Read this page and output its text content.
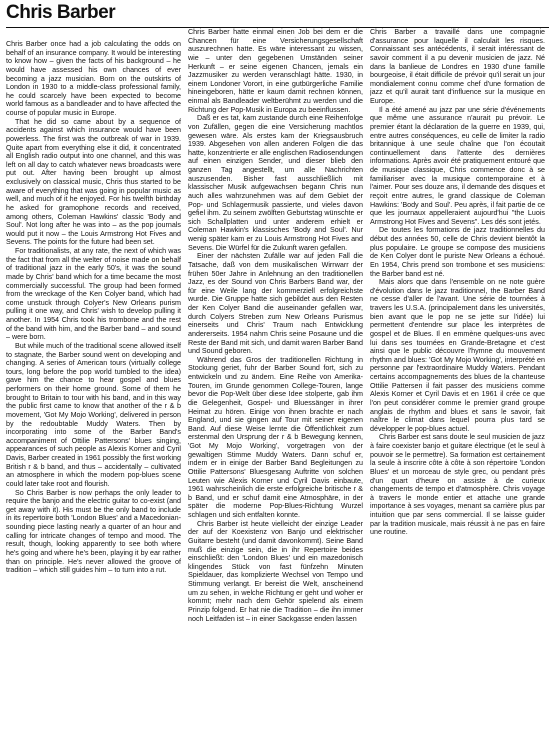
Chris Barber

Chris Barber once had a job calculating the odds on behalf of an insurance company. It would be interesting to know how – given the facts of his background – he would have assessed his own chances of ever becoming a jazz musician. Born on the outskirts of London in 1930 to a middle-class professional family, he could scarcely have been expected to become world famous as a bandleader and to have affected the course of popular music in Europe.

That he did so came about by a sequence of accidents against which insurance would have been powerless. The first was the outbreak of war in 1939. Quite apart from everything else it did, it concentrated all English radio output into one channel, and this was left on all day to catch whatever news broadcasts were put out. After having been brought up almost exclusively on classical music, Chris thus started to be aware of everything that was going in popular music as well, and much of it he enjoyed. For his twelfth birthday he asked for gramophone records and received, among others, Coleman Hawkins' classic 'Body and Soul'. Not long after he was into – as the pop journals would put it now – the Louis Armstrong Hot Fives and Sevens. The points for the future had been set.

For traditionalists, at any rate, the next of which was the fact that from all the welter of noise made on behalf of traditional jazz in the early 50's, it was the sound made by Chris' band which for a time became the most commercially successful. The group had been formed from the wreckage of the Ken Colyer band, which had come unstuck through Colyer's New Orleans purism pulling it one way, and Chris' wish to develop pulling it another. In 1954 Chris took his trombone and the rest of the band with him, and the Barber band – and sound – were born.

But while much of the traditional scene allowed itself to stagnate, the Barber sound went on developing and changing. A series of American tours (virtually college tours, long before the pop world tumbled to the idea) gave him the chance to hear gospel and blues performers on their home ground. Some of them he brought to Britain to tour with his band, and in this way the public first came to know that another of the r & b movement, 'Got My Mojo Working', delivered in person by the redoubtable Muddy Waters. Then by incorporating into some of the Barber Band's accompaniment of Ottilie Pattersons' blues singing, appearances of such people as Alexis Korner and Cyril Davis, Barber created in 1961 possibly the first working British r & b band, and thus – accidentally – cultivated an atmosphere in which the modern pop-blues scene could later take root and flourish.

So Chris Barber is now perhaps the only leader to require the banjo and the electric guitar to co-exist (and get away with it). His must be the only band to include in its repertoire both 'London Blues' and a Macedonian-sounding piece lasting nearly a quarter of an hour and calling for intricate changes of tempo and mood. The result, though, looking apparently to see both where he's going and where he's been, playing it by ear rather than on principle. He's never allowed the groove of tradition – which still guides him – to turn into a rut.

Chris Barber hatte einmal einen Job bei dem er die Chancen für eine Versicherungsgesellschaft auszurechnen hatte. Es wäre interessant zu wissen, wie – unter den gegebenen Umständen seiner Herkunft – er seine eigenen Chancen, jemals ein Jazzmusiker zu werden veranschlagt hätte. 1930, in einem Londoner Vorort, in eine gutbürgerliche Familie hineingeboren, hätte er kaum damit rechnen können, einmal als Bandleader weltberühmt zu werden und die Richtung der Pop-Musik in Europa zu beeinflussen.

Daß er es tat, kam zustande durch eine Reihenfolge von Zufällen, gegen die eine Versicherung machtlos gewesen wäre. Als erstes kam der Kriegsausbruch 1939. Abgesehen von allen anderen Folgen die das hatte, konzentrierte er alle englischen Radiosendungen auf einen einzigen Sender, und dieser blieb den ganzen Tag angestellt, um alle Nachrichten auszusenden. Bisher fast ausschließlich mit klassischer Musik aufgewachsen begann Chris nun auch alles wahrzunehmen was auf dem Gebiet der Pop- und Schlagermusik passierte, und vieles davon gefiel ihm. Zu seinem zwölften Geburtstag wünschte er sich Schallplatten und unter anderem erhielt er Coleman Hawkin's klassisches 'Body and Soul'. Nur wenig später kam er zu Louis Armstrong Hot Fives and Sevens. Die Würfel für die Zukunft waren gefallen.

Einer der nächsten Zufälle war auf jeden Fall die Tatsache, daß von dem musikalischen Wirrwarr der frühen 50er Jahre in Anlehnung an den traditionellen Jazz, es der Sound von Chris Barbers Band war, der für eine Weile lang der kommerziell erfolgreichste wurde. Die Gruppe hatte sich gebildet aus den Resten der Ken Colyer Band die auseinander gefallen war, durch Colyers Streben zum New Orleans Purismus einerseits und Chris' Traum nach Entwicklung andererseits. 1954 nahm Chris seine Posaune und die Reste der Band mit sich, und damit waren Barber Band und Sound geboren.

Während das Gros der traditionellen Richtung in Stockung geriet, fuhr der Barber Sound fort, sich zu entwickeln und zu ändern. Eine Reihe von Amerika-Touren, im Grunde genommen College-Touren, lange bevor die Pop-Welt über diese Idee stolperte, gab ihm die Gelegenheit, Gospel- und Bluessänger in ihrer Heimat zu hören. Einige von ihnen brachte er nach England, und sie gingen auf Tour mit seiner eigenen Band. Auf diese Weise lernte die Öffentlichkeit zum erstenmal den Ursprung der r & b Bewegung kennen, 'Got My Mojo Working', vorgetragen von der gewaltigen Stimme Muddy Waters. Dann schuf er, indem er in einige der Barber Band Begleitungen zu Ottilie Pattersons' Bluesgesang Auftritte von solchen Leuten wie Alexis Korner und Cyril Davis einbaute, 1961 wahrscheinlich die erste erfolgreiche britische r & b Band, und er schuf damit eine Atmosphäre, in der später die moderne Pop-Blues-Richtung Wurzel schlagen und sich entfalten konnte.

Chris Barber ist heute vielleicht der einzige Leader der auf der Koexistenz von Banjo und elektrischer Guitarre besteht (und damit davonkommt). Seine Band muß die einzige sein, die in ihr Repertoire beides einschließt: den 'London Blues' und ein mazedonisch klingendes Stück von fast fünfzehn Minuten Spieldauer, das komplizierte Wechsel von Tempo und Stimmung verlangt. Er bereist die Welt, anscheinend um zu sehen, in welche Richtung er geht und woher er kommt; mehr nach dem Gehör spielend als einem Prinzip folgend. Er hat nie die Tradition – die ihn immer noch Leitfaden ist – in einer Sackgasse enden lassen

Chris Barber a travaillé dans une compagnie d'assurance pour laquelle il calculait les risques. Connaissant ses antécédents, il serait intéressant de savoir comment il a pu devenir musicien de jazz. Né dans la banlieue de Londres en 1930 d'une famille bourgeoise, il était difficile de prévoir qu'il serait un jour mondialement connu comme chef d'une formation de jazz et qu'il aurait tant d'influence sur la musique en Europe.

Il a été amené au jazz par une série d'événements que même une assurance n'aurait pu prévoir. Le premier étant la déclaration de la guerre en 1939, qui, entre autres conséquences, eu celle de limiter la radio britannique à une seule chaîne que l'on écoutait continuellement dans l'attente des dernières informations. Après avoir été pratiquement entouré que de musique classique, Chris commence donc à se familiariser avec la musique contemporaine et à l'aimer. Pour ses douze ans, il demande des disques et reçoit entre autres, le grand classique de Coleman Hawkins: 'Body and Soul'. Peu après, il fait partie de ce que les journaux appelleraient aujourd'hui "the Luois Armstrong Hot Fives and Sevens". Les dés sont jetés.

De toutes les formations de jazz traditionnelles du début des années 50, celle de Chris devient bientôt la plus populaire. Le groupe se compose des musiciens de Ken Colyer dont le puriste New Orleans a échoué. En 1954, Chris prend son trombone et ses musiciens: the Barber band est né.

Mais alors que dans l'ensemble on ne note guère d'évolution dans le jazz traditionnel, the Barber Band ne cesse d'aller de l'avant. Une série de tournées à travers les U.S.A. (principalement dans les universités, bien avant que le pop ne se jette sur l'idée) lui permettent d'entendre sur place les interprètes de gospel et de Blues. Il en emmène quelques-uns avec lui dans ses tournées en Grande-Bretagne et c'est ainsi que le public découvre l'hymne du mouvement rhythm and blues: 'Got My Mojo Working', interprété en personne par l'extraordinaire Muddy Waters. Pendant certains accompagnements des blues de la chanteuse Ottilie Pattersen il fait passer des musiciens comme Alexis Korner et Cyril Davis et en 1961 il crée ce que l'on peut considérer comme le premier grand groupe anglais de rhythm and blues et sans le savoir, fait naître le climat dans lequel pourra plus tard se développer le pop-blues actuel.

Chris Barber est sans doute le seul musicien de jazz à faire coexister banjo et guitare électrique (et le seul à pouvoir se le permettre). Sa formation est certainement la seule à inscrire côte à côte à son répertoire 'London Blues' et un morceau de style grec, ou pendant près d'un quart d'heure on assiste à de curieux changements de tempo et d'atmosphère. Chris voyage à travers le monde entier et attache une grande importance à ses voyages, menant sa carrière plus par intuition que par sens commercial. Il se laisse guider par la tradition musicale, mais réussit à ne pas en faire une routine.
